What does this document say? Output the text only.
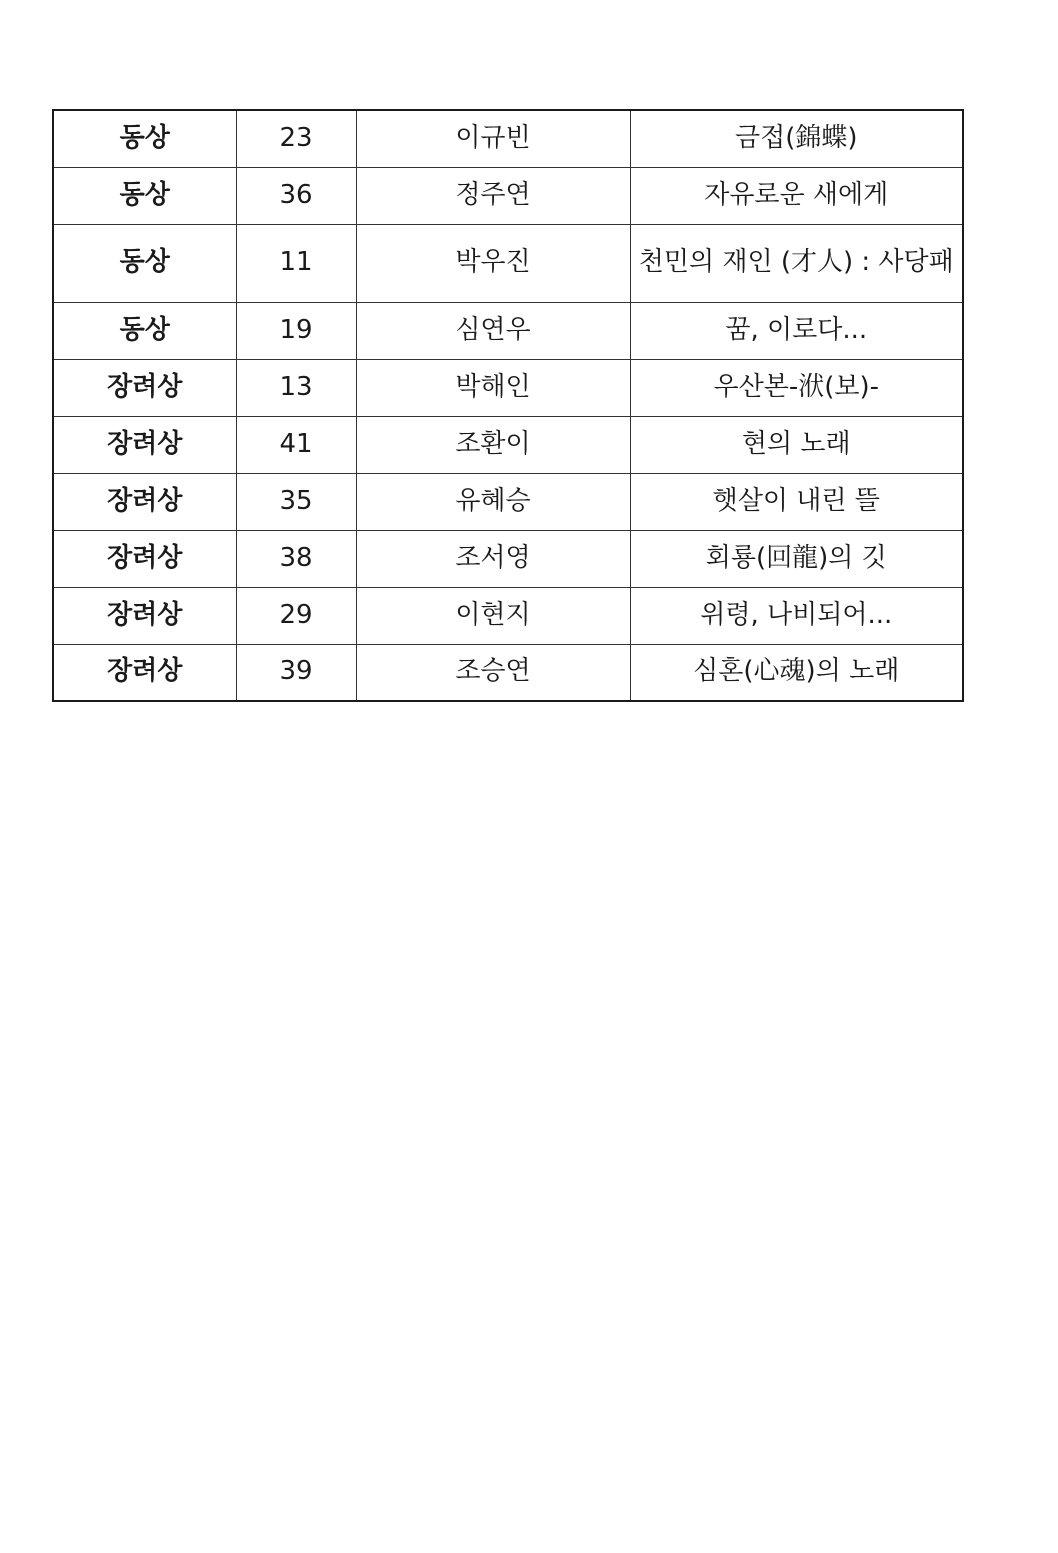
동상	23	이규빈	금접(錦蝶)
동상	36	정주연	자유로운 새에게
동상	11	박우진	천민의 재인 (才人) : 사당패
동상	19	심연우	꿈, 이로다...
장려상	13	박해인	우산본-洑(보)-
장려상	41	조환이	현의 노래
장려상	35	유혜승	햇살이 내린 뜰
장려상	38	조서영	회룡(回龍)의 깃
장려상	29	이현지	위령, 나비되어...
장려상	39	조승연	심혼(心魂)의 노래
